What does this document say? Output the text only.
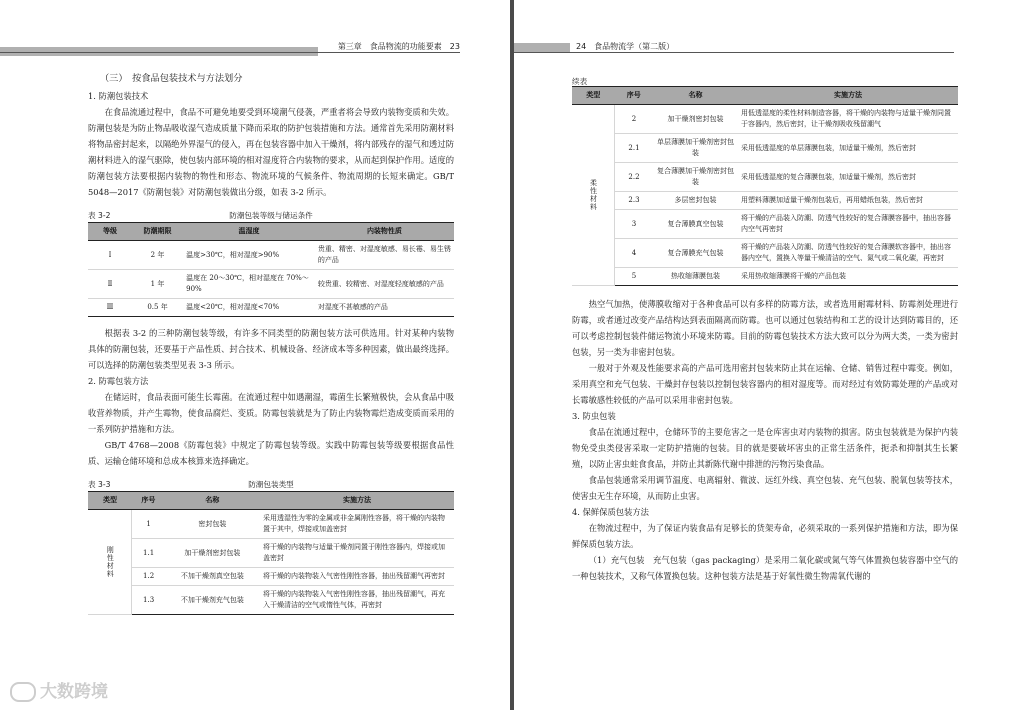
第三章　食品物流的功能要素　23
（三）　按食品包装技术与方法划分

1. 防潮包装技术

在食品流通过程中，食品不可避免地要受到环境潮气侵袭，严重者将会导致内装物变质和失效。防潮包装是为防止物品吸收湿气造成质量下降而采取的防护包装措施和方法。通常首先采用防潮材料将物品密封起来，以隔绝外界湿气的侵入，再在包装容器中加入干燥剂，将内部残存的湿气和透过防潮材料进入的湿气驱除，使包装内部环境的相对湿度符合内装物的要求，从而起到保护作用。适度的防潮包装方法要根据内装物的物性和形态、物流环境的气候条件、物流周期的长短来确定。GB/T 5048—2017《防潮包装》对防潮包装做出分级，如表 3-2 所示。

表 3-2	防潮包装等级与储运条件
等级	防潮期限	温湿度	内装物性质
Ⅰ	2 年	温度>30℃，相对湿度>90%	贵重、精密、对湿度敏感、易长霉、易生锈的产品
Ⅱ	1 年	温度在 20～30℃，相对湿度在 70%～90%	较贵重、较精密、对湿度轻度敏感的产品
Ⅲ	0.5 年	温度<20℃，相对湿度<70%	对湿度不甚敏感的产品

根据表 3-2 的三种防潮包装等级，有许多不同类型的防潮包装方法可供选用。针对某种内装物具体的防潮包装，还要基于产品性质、封合技术、机械设备、经济成本等多种因素，做出最终选择。可以选择的防潮包装类型见表 3-3 所示。

2. 防霉包装方法

在储运时，食品表面可能生长霉菌。在流通过程中如遇潮湿，霉菌生长繁殖极快，会从食品中吸收营养物质，并产生霉物，使食品腐烂、变质。防霉包装就是为了防止内装物霉烂造成变质而采用的一系列防护措施和方法。

GB/T 4768—2008《防霉包装》中规定了防霉包装等级。实践中防霉包装等级要根据食品性质、运输仓储环境和总成本核算来选择确定。

表 3-3	防潮包装类型
类型	序号	名称	实施方法
刚性材料	1	密封包装	采用透湿性为零的金属或非金属刚性容器，将干燥的内装物置于其中，焊接或加盖密封
	1.1	加干燥剂密封包装	将干燥的内装物与适量干燥剂同置于刚性容器内，焊接或加盖密封
	1.2	不加干燥剂真空包装	将干燥的内装物装入气密性刚性容器，抽出残留潮气再密封
	1.3	不加干燥剂充气包装	将干燥的内装物装入气密性刚性容器，抽出残留潮气，再充入干燥清洁的空气或惰性气体，再密封
大数跨境
24　食品物流学（第二版）
续表
类型	序号	名称	实施方法
柔性材料	2	加干燥剂密封包装	用低透湿度的柔性材料制造容器，将干燥的内装物与适量干燥剂同置于容器内，然后密封，让干燥剂吸收残留潮气
	2.1	单层薄膜加干燥剂密封包装	采用低透湿度的单层薄膜包装，加适量干燥剂，然后密封
	2.2	复合薄膜加干燥剂密封包装	采用低透湿度的复合薄膜包装，加适量干燥剂，然后密封
	2.3	多层密封包装	用塑料薄膜加适量干燥剂包装后，再用蜡纸包装，然后密封
	3	复合薄膜真空包装	将干燥的产品装入防潮、防透气性较好的复合薄膜容器中，抽出容器内空气再密封
	4	复合薄膜充气包装	将干燥的产品装入防潮、防透气性较好的复合薄膜软容器中，抽出容器内空气，置换入等量干燥清洁的空气、氮气或二氧化碳，再密封
	5	热收缩薄膜包装	采用热收缩薄膜将干燥的产品包装

热空气加热，使薄膜收缩对于各种食品可以有多样的防霉方法，或者选用耐霉材料、防霉剂处理进行防霉，或者通过改变产品结构达到表面隔离而防霉。也可以通过包装结构和工艺的设计达到防霉目的，还可以考虑控制包装件储运物流小环境来防霉。目前的防霉包装技术方法大致可以分为两大类，一类为密封包装，另一类为非密封包装。

一般对于外观及性能要求高的产品可选用密封包装来防止其在运输、仓储、销售过程中霉变。例如，采用真空和充气包装、干燥封存包装以控制包装容器内的相对湿度等。而对经过有效防霉处理的产品或对长霉敏感性较低的产品可以采用非密封包装。

3. 防虫包装

食品在流通过程中，仓储环节的主要危害之一是仓库害虫对内装物的损害。防虫包装就是为保护内装物免受虫类侵害采取一定防护措施的包装。目的就是要破坏害虫的正常生活条件，扼杀和抑制其生长繁殖，以防止害虫蛀食食品，并防止其新陈代谢中排泄的污物污染食品。

食品包装通常采用调节温度、电离辐射、微波、远红外线、真空包装、充气包装、脱氧包装等技术，使害虫无生存环境，从而防止虫害。

4. 保鲜保质包装方法

在物流过程中，为了保证内装食品有足够长的货架寿命，必须采取的一系列保护措施和方法，即为保鲜保质包装方法。

（1）充气包装　充气包装（gas packaging）是采用二氧化碳或氮气等气体置换包装容器中空气的一种包装技术，又称气体置换包装。这种包装方法是基于好氧性微生物需氧代谢的
